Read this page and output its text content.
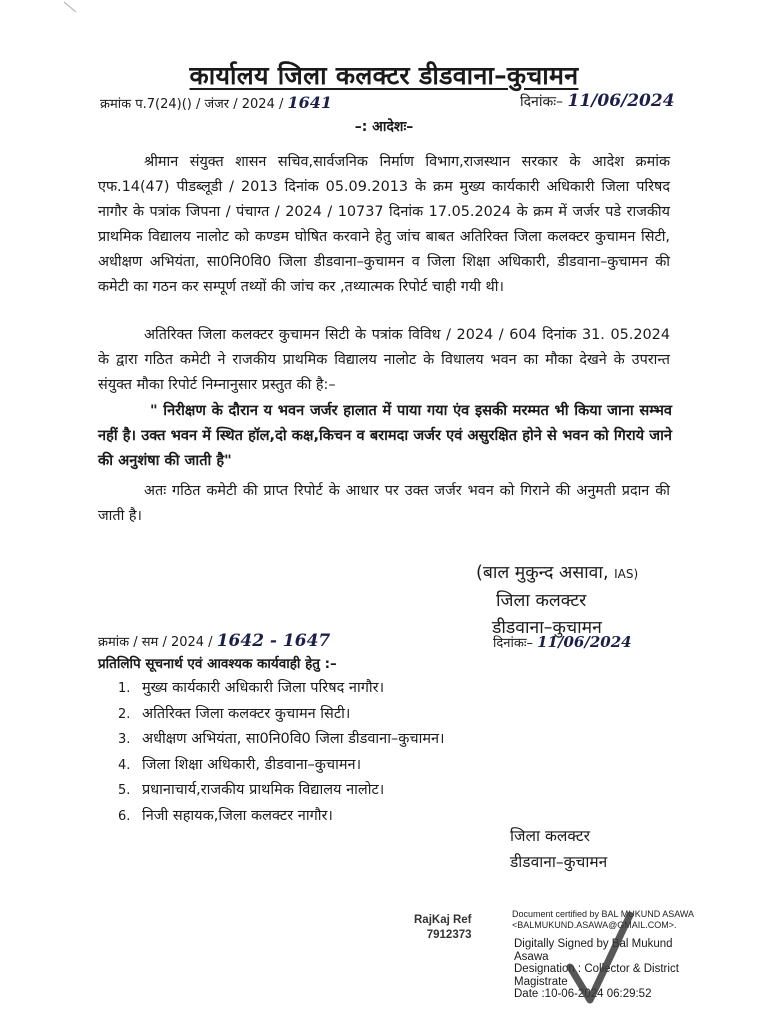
कार्यालय जिला कलक्टर डीडवाना–कुचामन
क्रमांक प.7(24)() / जंजर / 2024 / 1641	दिनांकः– 11/06/2024
–: आदेशः–
श्रीमान संयुक्त शासन सचिव,सार्वजनिक निर्माण विभाग,राजस्थान सरकार के आदेश क्रमांक एफ.14(47) पीडब्लूडी / 2013 दिनांक 05.09.2013 के क्रम मुख्य कार्यकारी अधिकारी जिला परिषद नागौर के पत्रांक जिपना / पंचाग्त / 2024 / 10737 दिनांक 17.05.2024 के क्रम में जर्जर पडे राजकीय प्राथमिक विद्यालय नालोट को कण्डम घोषित करवाने हेतु जांच बाबत अतिरिक्त जिला कलक्टर कुचामन सिटी, अधीक्षण अभियंता, सा0नि0वि0 जिला डीडवाना–कुचामन व जिला शिक्षा अधिकारी, डीडवाना–कुचामन की कमेटी का गठन कर सम्पूर्ण तथ्यों की जांच कर ,तथ्यात्मक रिपोर्ट चाही गयी थी।
अतिरिक्त जिला कलक्टर कुचामन सिटी के पत्रांक विविध / 2024 / 604 दिनांक 31. 05.2024 के द्वारा गठित कमेटी ने राजकीय प्राथमिक विद्यालय नालोट के विधालय भवन का मौका देखने के उपरान्त संयुक्त मौका रिपोर्ट निम्नानुसार प्रस्तुत की है:–
" निरीक्षण के दौरान य भवन जर्जर हालात में पाया गया एंव इसकी मरम्मत भी किया जाना सम्भव नहीं है। उक्त भवन में स्थित हॉल,दो कक्ष,किचन व बरामदा जर्जर एवं असुरक्षित होने से भवन को गिराये जाने की अनुशंषा की जाती है"
अतः गठित कमेटी की प्राप्त रिपोर्ट के आधार पर उक्त जर्जर भवन को गिराने की अनुमती प्रदान की जाती है।
(बाल मुकुन्द असावा, IAS)
जिला कलक्टर
डीडवाना–कुचामन
क्रमांक / सम / 2024 / 1642 - 1647	दिनांकः– 11/06/2024
प्रतिलिपि सूचनार्थ एवं आवश्यक कार्यवाही हेतु :–
1. मुख्य कार्यकारी अधिकारी जिला परिषद नागौर।
2. अतिरिक्त जिला कलक्टर कुचामन सिटी।
3. अधीक्षण अभियंता, सा0नि0वि0 जिला डीडवाना–कुचामन।
4. जिला शिक्षा अधिकारी, डीडवाना–कुचामन।
5. प्रधानाचार्य,राजकीय प्राथमिक विद्यालय नालोट।
6. निजी सहायक,जिला कलक्टर नागौर।
जिला कलक्टर
डीडवाना–कुचामन
RajKaj Ref
7912373
Document certified by BAL MUKUND ASAWA
<BALMUKUND.ASAWA@GMAIL.COM>.
Digitally Signed by Bal Mukund
Asawa
Designation : Collector & District
Magistrate
Date :10-06-2024 06:29:52
